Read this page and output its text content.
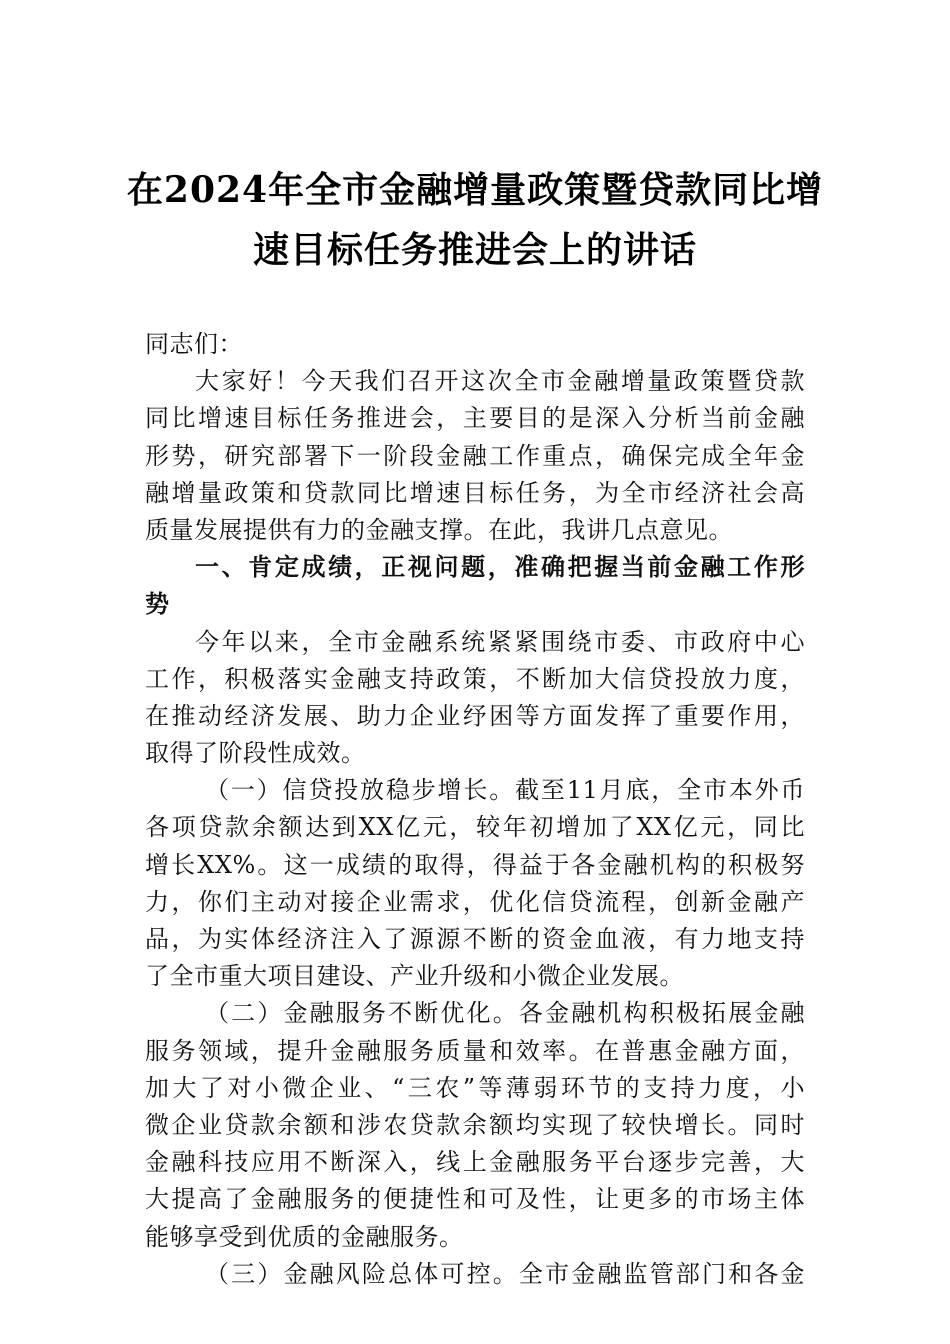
在2024年全市金融增量政策暨贷款同比增
速目标任务推进会上的讲话
同志们：
大家好！今天我们召开这次全市金融增量政策暨贷款
同比增速目标任务推进会，主要目的是深入分析当前金融
形势，研究部署下一阶段金融工作重点，确保完成全年金
融增量政策和贷款同比增速目标任务，为全市经济社会高
质量发展提供有力的金融支撑。在此，我讲几点意见。
一、肯定成绩，正视问题，准确把握当前金融工作形
势
今年以来，全市金融系统紧紧围绕市委、市政府中心
工作，积极落实金融支持政策，不断加大信贷投放力度，
在推动经济发展、助力企业纾困等方面发挥了重要作用，
取得了阶段性成效。
（一）信贷投放稳步增长。截至11月底，全市本外币
各项贷款余额达到XX亿元，较年初增加了XX亿元，同比
增长XX%。这一成绩的取得，得益于各金融机构的积极努
力，你们主动对接企业需求，优化信贷流程，创新金融产
品，为实体经济注入了源源不断的资金血液，有力地支持
了全市重大项目建设、产业升级和小微企业发展。
（二）金融服务不断优化。各金融机构积极拓展金融
服务领域，提升金融服务质量和效率。在普惠金融方面，
加大了对小微企业、“三农”等薄弱环节的支持力度，小
微企业贷款余额和涉农贷款余额均实现了较快增长。同时
金融科技应用不断深入，线上金融服务平台逐步完善，大
大提高了金融服务的便捷性和可及性，让更多的市场主体
能够享受到优质的金融服务。
（三）金融风险总体可控。全市金融监管部门和各金
